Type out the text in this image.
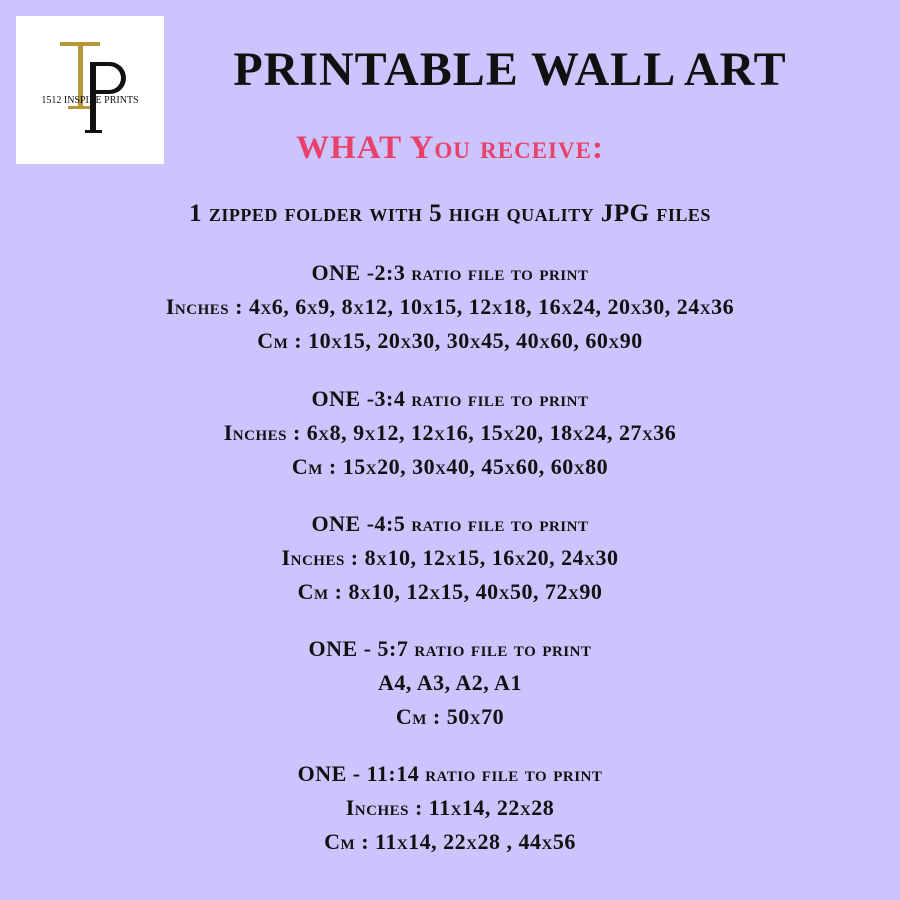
1512 INSPIRE PRINTS
PRINTABLE WALL ART
WHAT You receive:
1 zipped folder with 5 high quality JPG files
ONE -2:3 ratio file to print
Inches : 4x6, 6x9, 8x12, 10x15, 12x18, 16x24, 20x30, 24x36
Cm : 10x15, 20x30, 30x45, 40x60, 60x90
ONE -3:4 ratio file to print
Inches : 6x8, 9x12, 12x16, 15x20, 18x24, 27x36
Cm : 15x20, 30x40, 45x60, 60x80
ONE -4:5 ratio file to print
Inches : 8x10, 12x15, 16x20, 24x30
Cm : 8x10, 12x15, 40x50, 72x90
ONE - 5:7 ratio file to print
A4, A3, A2, A1
Cm : 50x70
ONE - 11:14 ratio file to print
Inches : 11x14, 22x28
Cm : 11x14, 22x28 , 44x56
